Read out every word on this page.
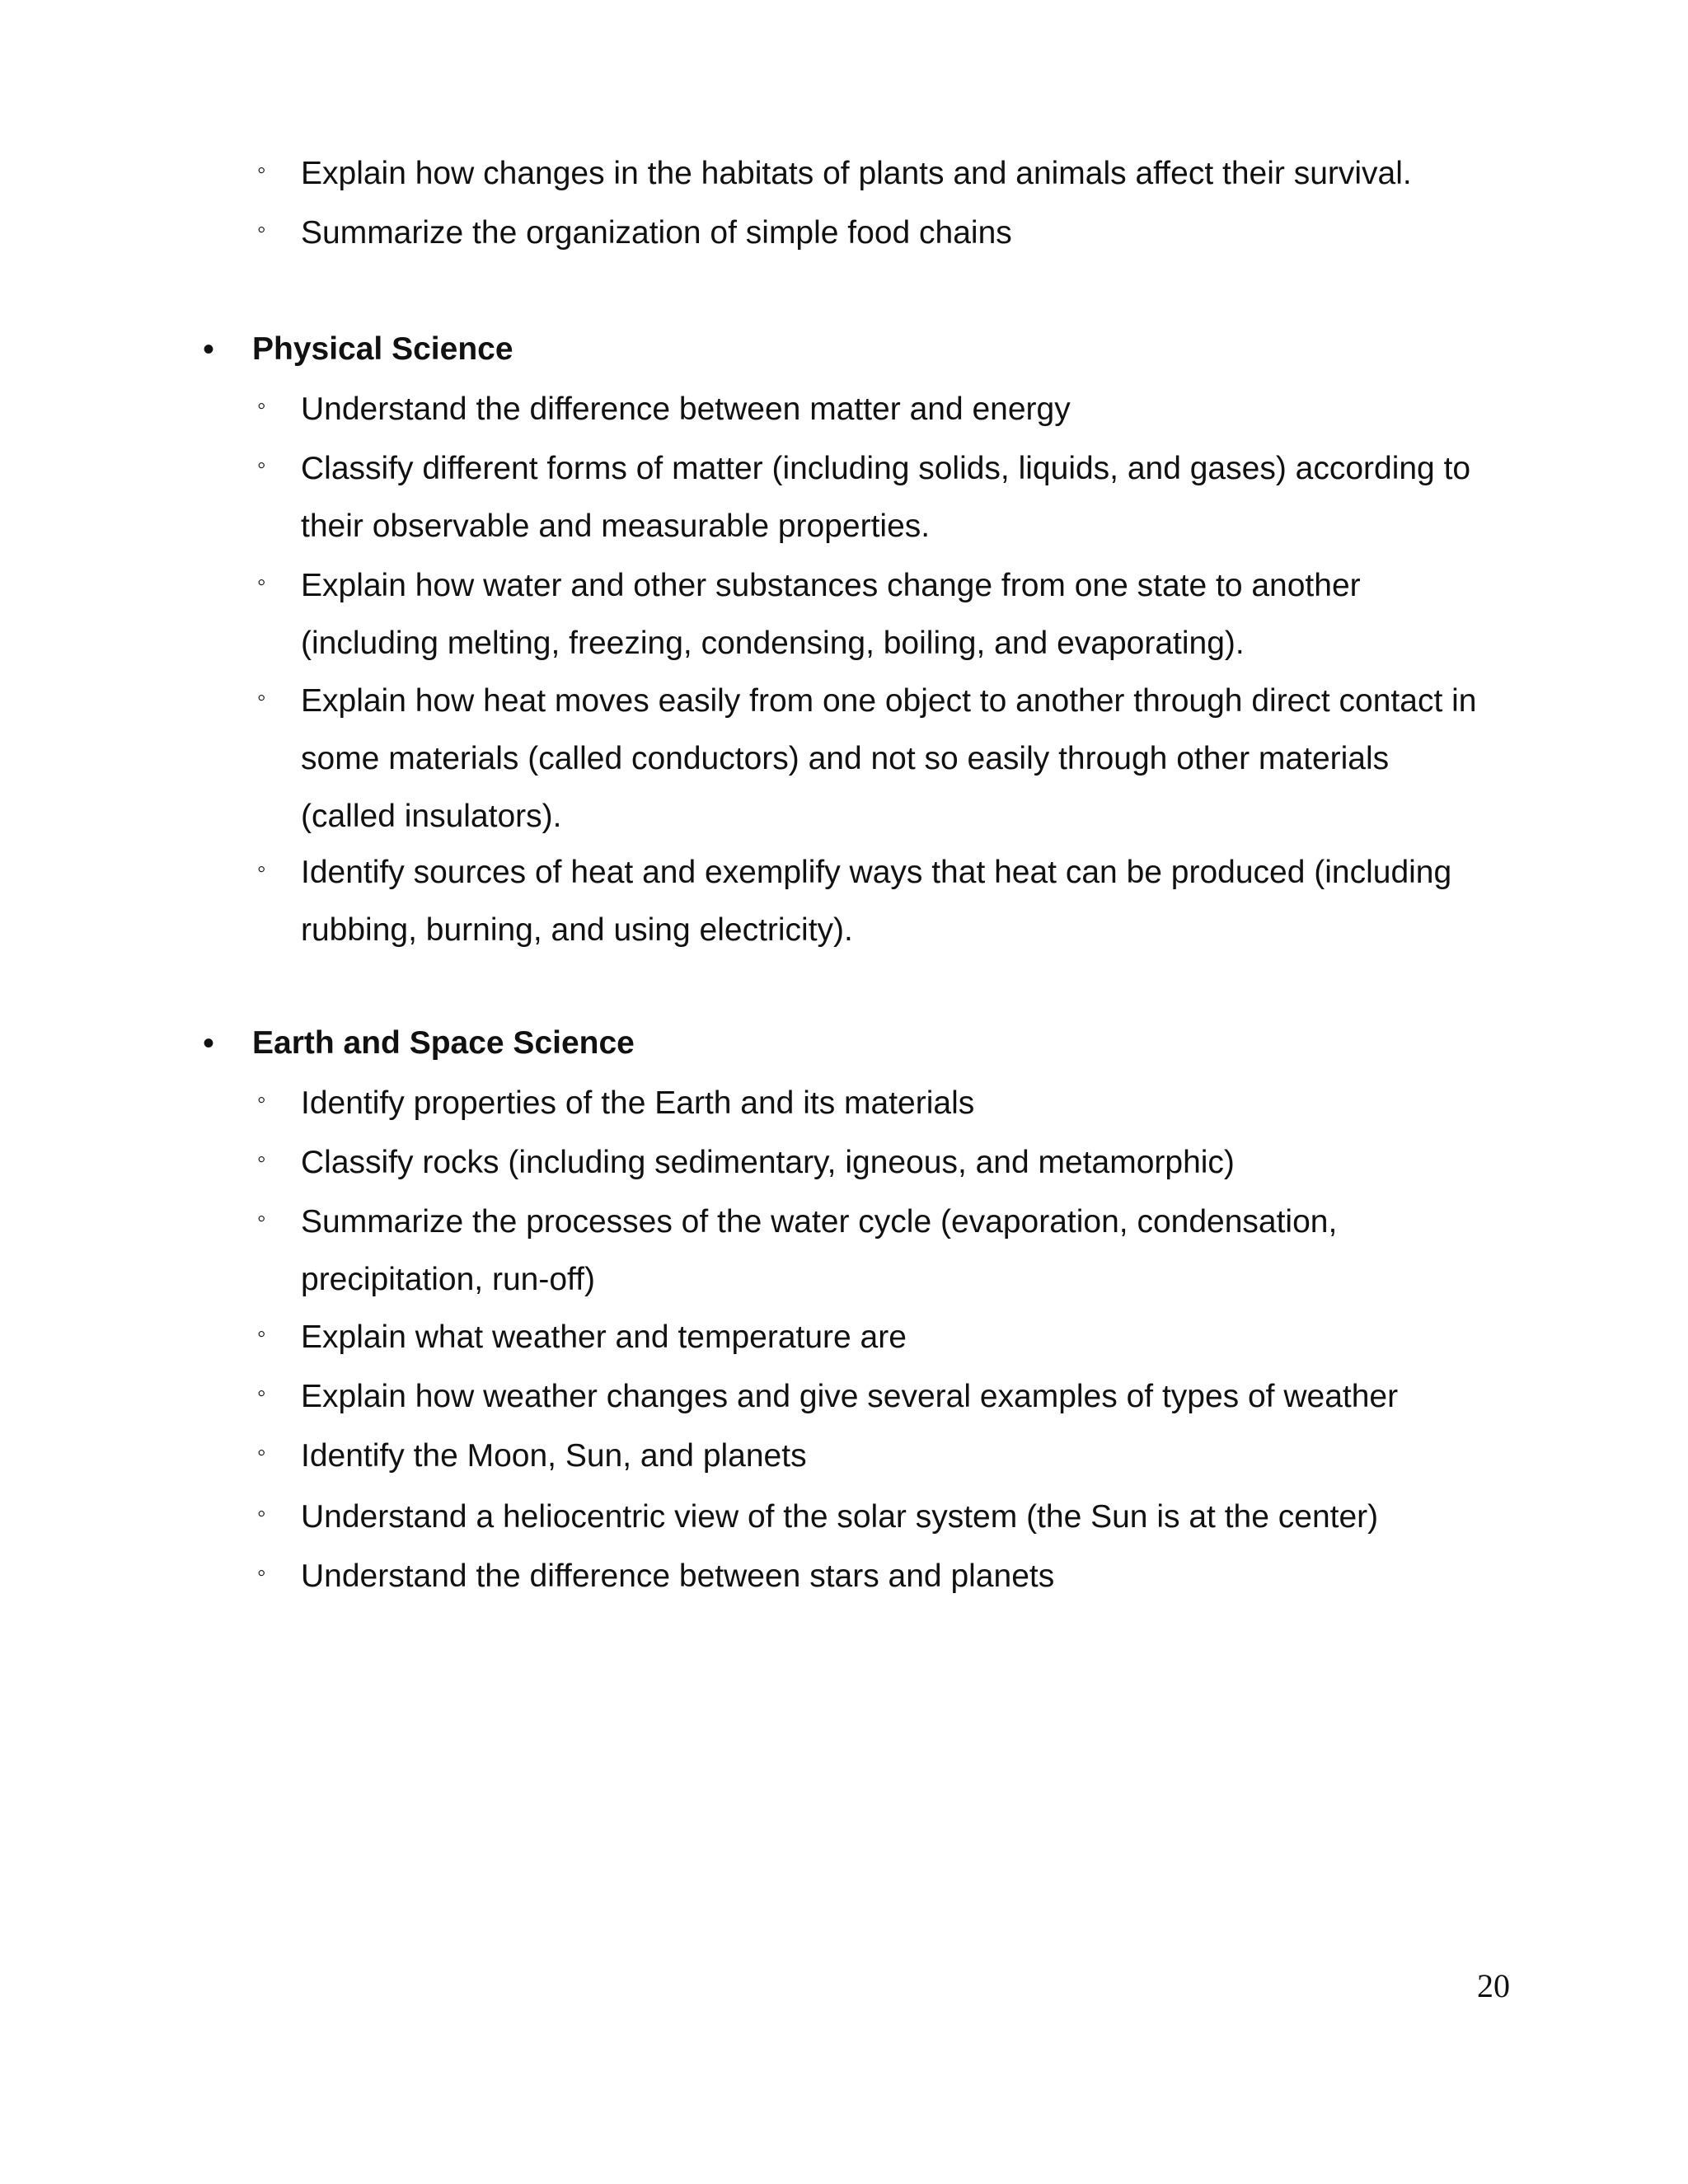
◦ Explain how changes in the habitats of plants and animals affect their survival.
◦ Summarize the organization of simple food chains
• Physical Science
◦ Understand the difference between matter and energy
◦ Classify different forms of matter (including solids, liquids, and gases) according to
their observable and measurable properties.
◦ Explain how water and other substances change from one state to another
(including melting, freezing, condensing, boiling, and evaporating).
◦ Explain how heat moves easily from one object to another through direct contact in
some materials (called conductors) and not so easily through other materials
(called insulators).
◦ Identify sources of heat and exemplify ways that heat can be produced (including
rubbing, burning, and using electricity).
• Earth and Space Science
◦ Identify properties of the Earth and its materials
◦ Classify rocks (including sedimentary, igneous, and metamorphic)
◦ Summarize the processes of the water cycle (evaporation, condensation,
precipitation, run-off)
◦ Explain what weather and temperature are
◦ Explain how weather changes and give several examples of types of weather
◦ Identify the Moon, Sun, and planets
◦ Understand a heliocentric view of the solar system (the Sun is at the center)
◦ Understand the difference between stars and planets
20
